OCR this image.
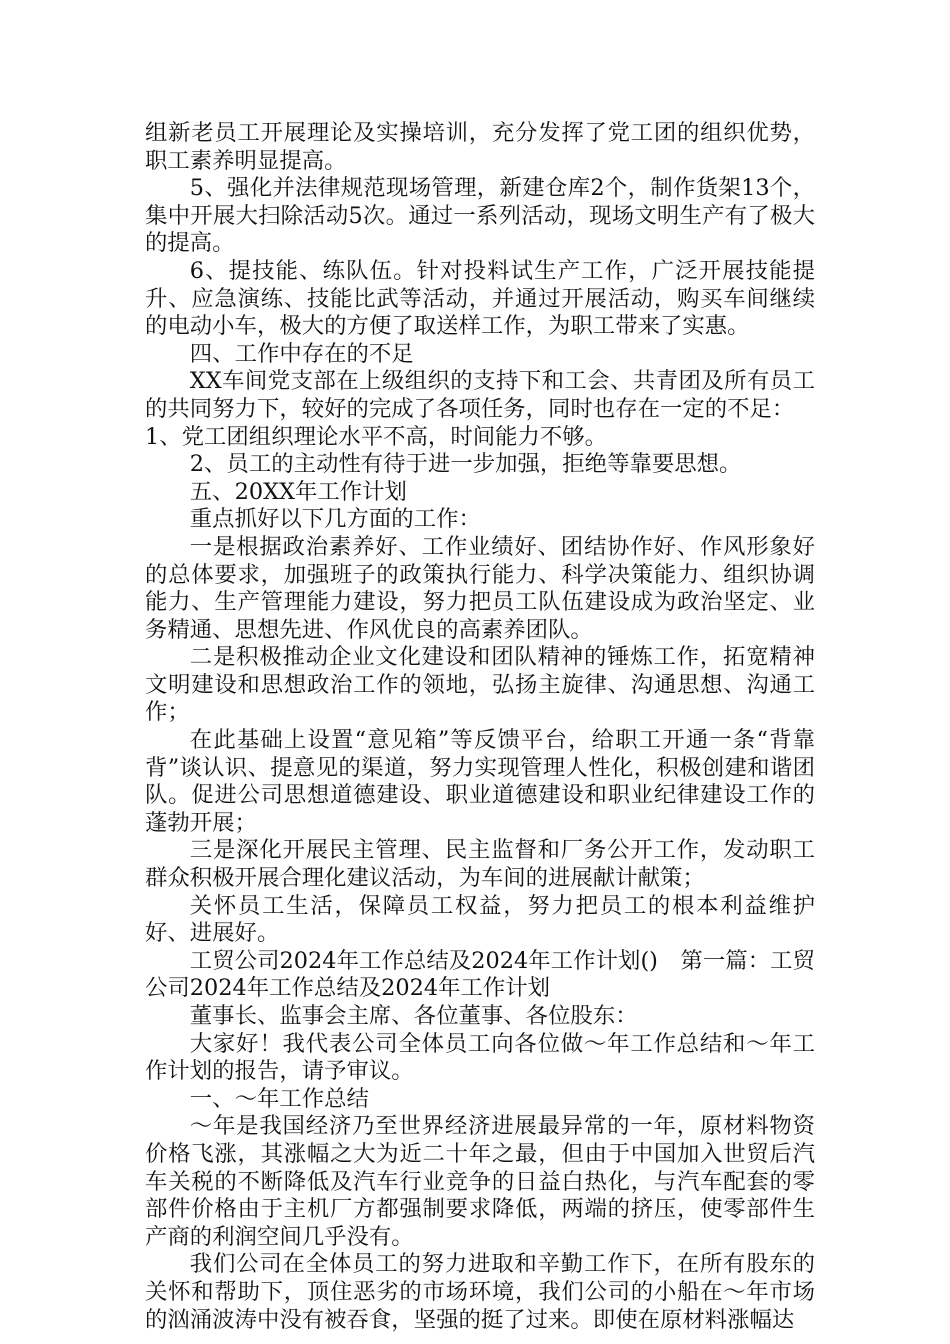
组新老员工开展理论及实操培训，充分发挥了党工团的组织优势，职工素养明显提高。

5、强化并法律规范现场管理，新建仓库2个，制作货架13个，集中开展大扫除活动5次。通过一系列活动，现场文明生产有了极大的提高。

6、提技能、练队伍。针对投料试生产工作，广泛开展技能提升、应急演练、技能比武等活动，并通过开展活动，购买车间继续的电动小车，极大的方便了取送样工作，为职工带来了实惠。

四、工作中存在的不足

XX车间党支部在上级组织的支持下和工会、共青团及所有员工的共同努力下，较好的完成了各项任务，同时也存在一定的不足：

1、党工团组织理论水平不高，时间能力不够。

2、员工的主动性有待于进一步加强，拒绝等靠要思想。

五、20XX年工作计划

重点抓好以下几方面的工作：

一是根据政治素养好、工作业绩好、团结协作好、作风形象好的总体要求，加强班子的政策执行能力、科学决策能力、组织协调能力、生产管理能力建设，努力把员工队伍建设成为政治坚定、业务精通、思想先进、作风优良的高素养团队。

二是积极推动企业文化建设和团队精神的锤炼工作，拓宽精神文明建设和思想政治工作的领地，弘扬主旋律、沟通思想、沟通工作；

在此基础上设置“意见箱”等反馈平台，给职工开通一条“背靠背”谈认识、提意见的渠道，努力实现管理人性化，积极创建和谐团队。促进公司思想道德建设、职业道德建设和职业纪律建设工作的蓬勃开展；

三是深化开展民主管理、民主监督和厂务公开工作，发动职工群众积极开展合理化建议活动，为车间的进展献计献策；

关怀员工生活，保障员工权益，努力把员工的根本利益维护好、进展好。

工贸公司2024年工作总结及2024年工作计划()　第一篇：工贸公司2024年工作总结及2024年工作计划

董事长、监事会主席、各位董事、各位股东：

大家好！我代表公司全体员工向各位做～年工作总结和～年工作计划的报告，请予审议。

一、～年工作总结

～年是我国经济乃至世界经济进展最异常的一年，原材料物资价格飞涨，其涨幅之大为近二十年之最，但由于中国加入世贸后汽车关税的不断降低及汽车行业竞争的日益白热化，与汽车配套的零部件价格由于主机厂方都强制要求降低，两端的挤压，使零部件生产商的利润空间几乎没有。

我们公司在全体员工的努力进取和辛勤工作下，在所有股东的关怀和帮助下，顶住恶劣的市场环境，我们公司的小船在～年市场的汹涌波涛中没有被吞食，坚强的挺了过来。即使在原材料涨幅达
